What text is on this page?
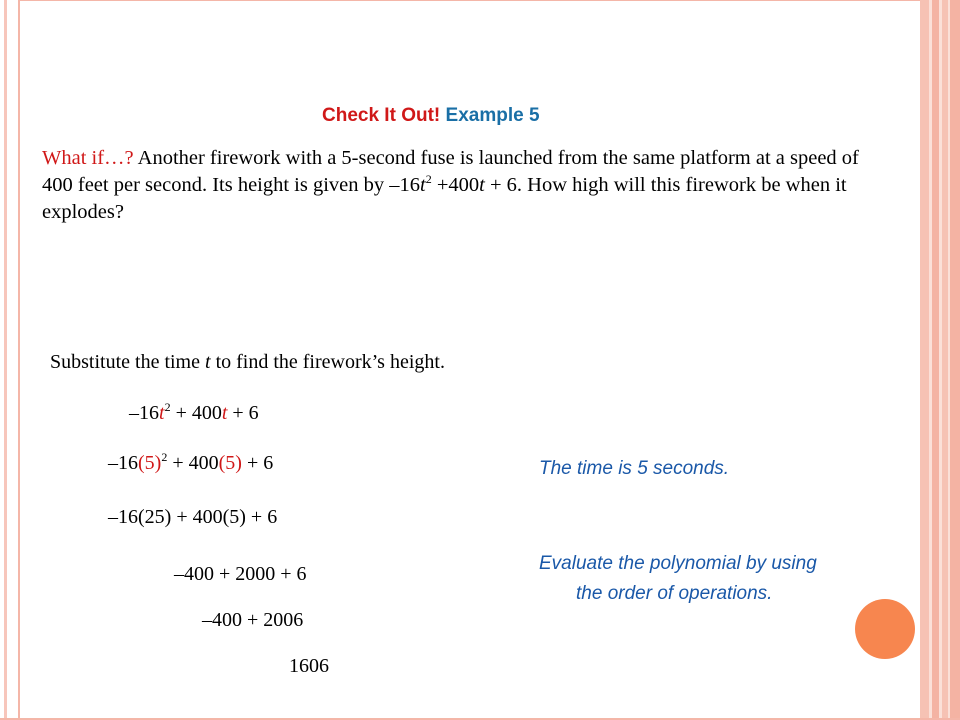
Check It Out! Example 5
What if…? Another firework with a 5-second fuse is launched from the same platform at a speed of 400 feet per second. Its height is given by $-16t^2 +400t + 6$. How high will this firework be when it explodes?
Substitute the time t to find the firework’s height.
$-16t^2 + 400t + 6$
$-16(5)^2 + 400(5) + 6$
–16(25) + 400(5) + 6
–400 + 2000 + 6
–400 + 2006
1606
The time is 5 seconds.
Evaluate the polynomial by using
the order of operations.
